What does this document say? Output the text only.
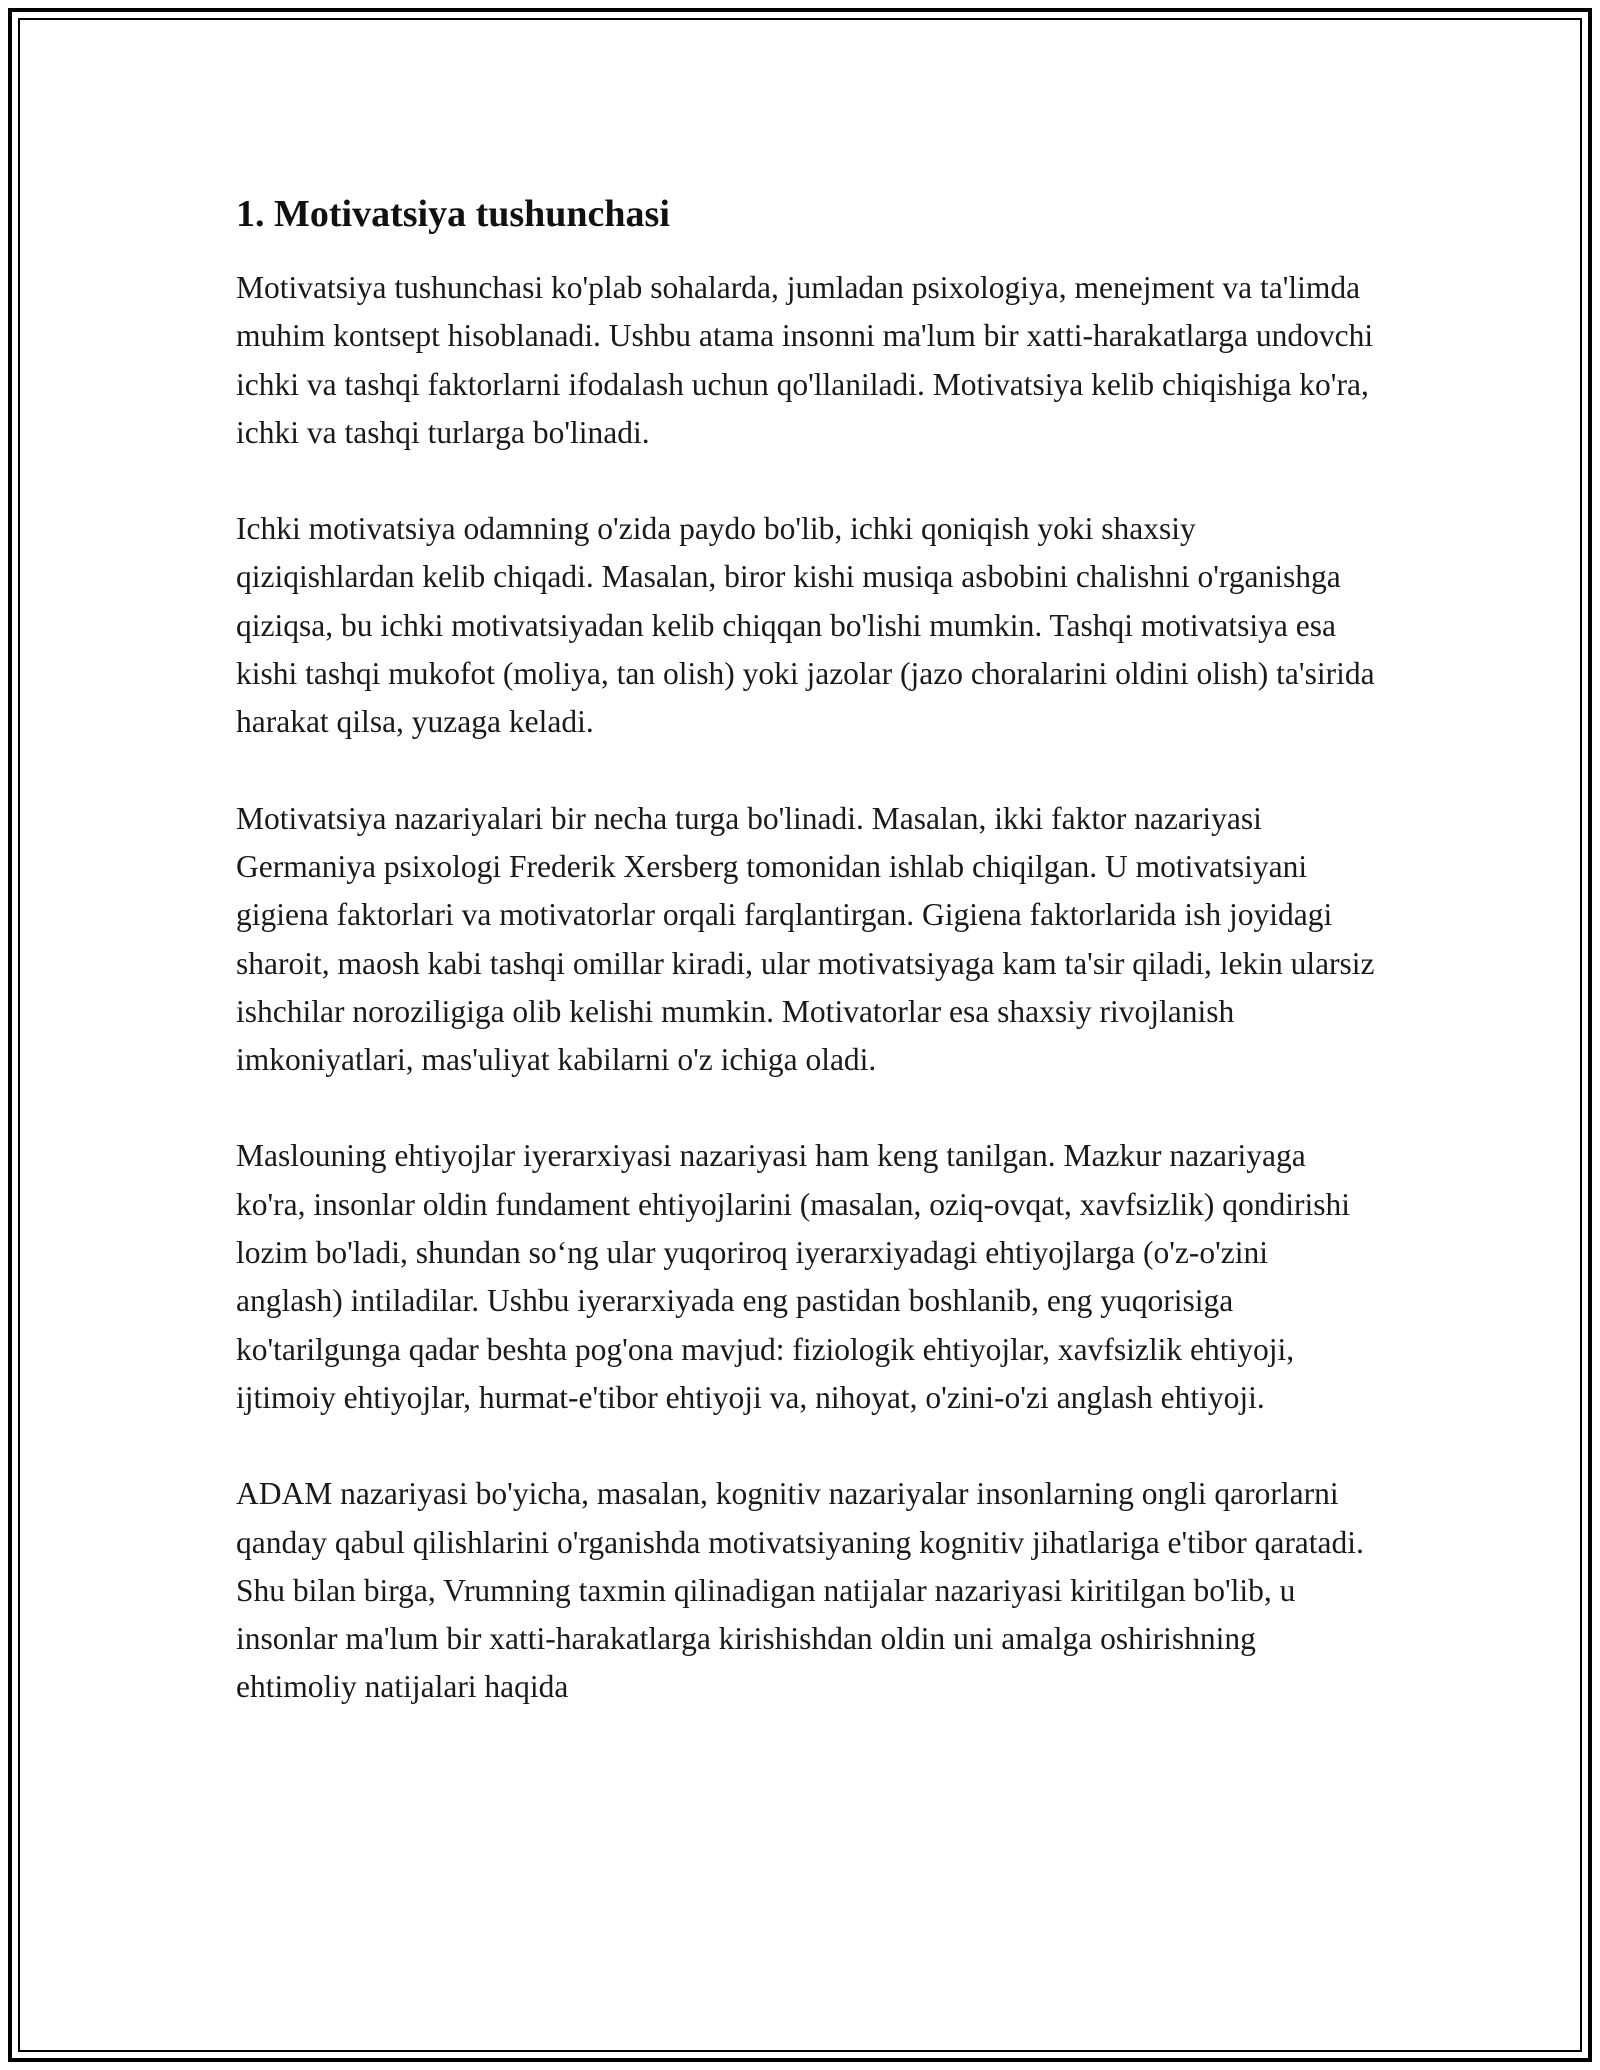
1. Motivatsiya tushunchasi

Motivatsiya tushunchasi ko'plab sohalarda, jumladan psixologiya, menejment va ta'limda muhim kontsept hisoblanadi. Ushbu atama insonni ma'lum bir xatti-harakatlarga undovchi ichki va tashqi faktorlarni ifodalash uchun qo'llaniladi. Motivatsiya kelib chiqishiga ko'ra, ichki va tashqi turlarga bo'linadi.

Ichki motivatsiya odamning o'zida paydo bo'lib, ichki qoniqish yoki shaxsiy qiziqishlardan kelib chiqadi. Masalan, biror kishi musiqa asbobini chalishni o'rganishga qiziqsa, bu ichki motivatsiyadan kelib chiqqan bo'lishi mumkin. Tashqi motivatsiya esa kishi tashqi mukofot (moliya, tan olish) yoki jazolar (jazo choralarini oldini olish) ta'sirida harakat qilsa, yuzaga keladi.

Motivatsiya nazariyalari bir necha turga bo'linadi. Masalan, ikki faktor nazariyasi Germaniya psixologi Frederik Xersberg tomonidan ishlab chiqilgan. U motivatsiyani gigiena faktorlari va motivatorlar orqali farqlantirgan. Gigiena faktorlarida ish joyidagi sharoit, maosh kabi tashqi omillar kiradi, ular motivatsiyaga kam ta'sir qiladi, lekin ularsiz ishchilar noroziligiga olib kelishi mumkin. Motivatorlar esa shaxsiy rivojlanish imkoniyatlari, mas'uliyat kabilarni o'z ichiga oladi.

Maslouning ehtiyojlar iyerarxiyasi nazariyasi ham keng tanilgan. Mazkur nazariyaga ko'ra, insonlar oldin fundament ehtiyojlarini (masalan, oziq-ovqat, xavfsizlik) qondirishi lozim bo'ladi, shundan so‘ng ular yuqoriroq iyerarxiyadagi ehtiyojlarga (o'z-o'zini anglash) intiladilar. Ushbu iyerarxiyada eng pastidan boshlanib, eng yuqorisiga ko'tarilgunga qadar beshta pog'ona mavjud: fiziologik ehtiyojlar, xavfsizlik ehtiyoji, ijtimoiy ehtiyojlar, hurmat-e'tibor ehtiyoji va, nihoyat, o'zini-o'zi anglash ehtiyoji.

ADAM nazariyasi bo'yicha, masalan, kognitiv nazariyalar insonlarning ongli qarorlarni qanday qabul qilishlarini o'rganishda motivatsiyaning kognitiv jihatlariga e'tibor qaratadi. Shu bilan birga, Vrumning taxmin qilinadigan natijalar nazariyasi kiritilgan bo'lib, u insonlar ma'lum bir xatti-harakatlarga kirishishdan oldin uni amalga oshirishning ehtimoliy natijalari haqida
